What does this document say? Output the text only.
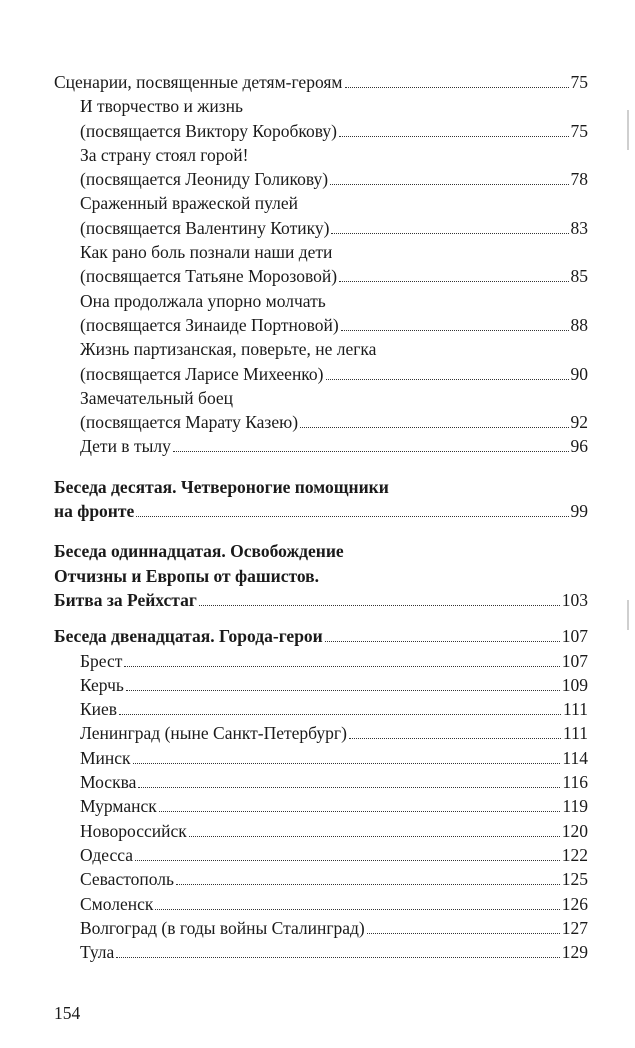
Сценарии, посвященные детям-героям	75
И творчество и жизнь
(посвящается Виктору Коробкову)	75
За страну стоял горой!
(посвящается Леониду Голикову)	78
Сраженный вражеской пулей
(посвящается Валентину Котику)	83
Как рано боль познали наши дети
(посвящается Татьяне Морозовой)	85
Она продолжала упорно молчать
(посвящается Зинаиде Портновой)	88
Жизнь партизанская, поверьте, не легка
(посвящается Ларисе Михеенко)	90
Замечательный боец
(посвящается Марату Казею)	92
Дети в тылу	96
Беседа десятая. Четвероногие помощники
на фронте	99
Беседа одиннадцатая. Освобождение
Отчизны и Европы от фашистов.
Битва за Рейхстаг	103
Беседа двенадцатая. Города-герои	107
Брест	107
Керчь	109
Киев	111
Ленинград (ныне Санкт-Петербург)	111
Минск	114
Москва	116
Мурманск	119
Новороссийск	120
Одесса	122
Севастополь	125
Смоленск	126
Волгоград (в годы войны Сталинград)	127
Тула	129
154
